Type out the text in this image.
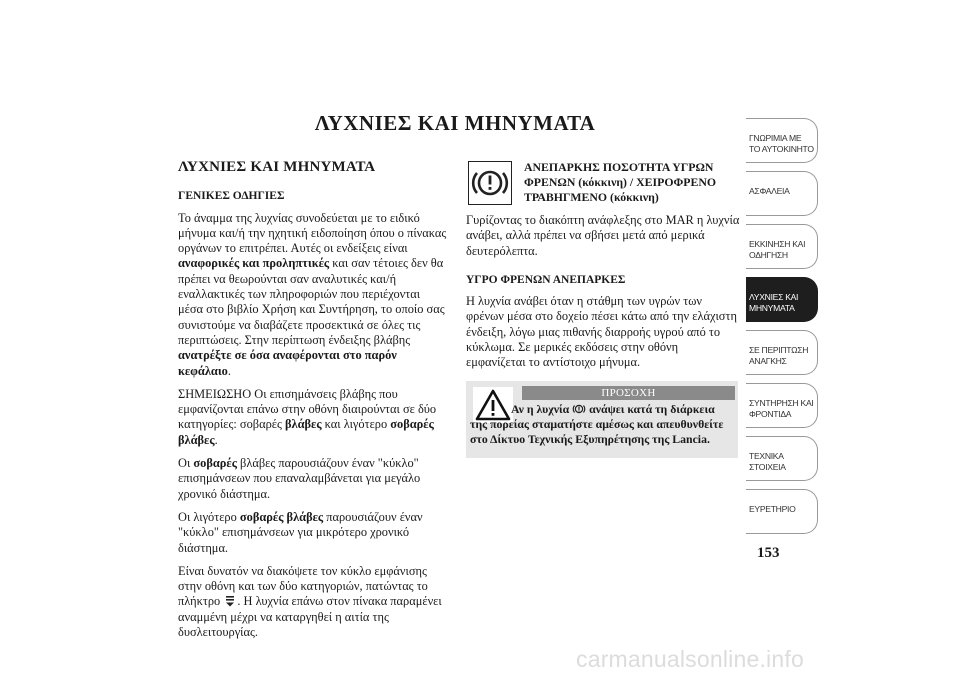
ΛΥΧΝΙΕΣ ΚΑΙ ΜΗΝΥΜΑΤΑ
ΛΥΧΝΙΕΣ ΚΑΙ ΜΗΝΥΜΑΤΑ
ΓΕΝΙΚΕΣ ΟΔΗΓΙΕΣ

Το άναμμα της λυχνίας συνοδεύεται με το ειδικό μήνυμα και/ή την ηχητική ειδοποίηση όπου ο πίνακας οργάνων το επιτρέπει. Αυτές οι ενδείξεις είναι αναφορικές και προληπτικές και σαν τέτοιες δεν θα πρέπει να θεωρούνται σαν αναλυτικές και/ή εναλλακτικές των πληροφοριών που περιέχονται μέσα στο βιβλίο Χρήση και Συντήρηση, το οποίο σας συνιστούμε να διαβάζετε προσεκτικά σε όλες τις περιπτώσεις. Στην περίπτωση ένδειξης βλάβης ανατρέξτε σε όσα αναφέρονται στο παρόν κεφάλαιο.

ΣΗΜΕΙΩΣΗΟ Οι επισημάνσεις βλάβης που εμφανίζονται επάνω στην οθόνη διαιρούνται σε δύο κατηγορίες: σοβαρές βλάβες και λιγότερο σοβαρές βλάβες.

Οι σοβαρές βλάβες παρουσιάζουν έναν "κύκλο" επισημάνσεων που επαναλαμβάνεται για μεγάλο χρονικό διάστημα.

Οι λιγότερο σοβαρές βλάβες παρουσιάζουν έναν "κύκλο" επισημάνσεων για μικρότερο χρονικό διάστημα.

Είναι δυνατόν να διακόψετε τον κύκλο εμφάνισης στην οθόνη και των δύο κατηγοριών, πατώντας το πλήκτρο . Η λυχνία επάνω στον πίνακα παραμένει αναμμένη μέχρι να καταργηθεί η αιτία της δυσλειτουργίας.

ΑΝΕΠΑΡΚΗΣ ΠΟΣΟΤΗΤΑ ΥΓΡΩΝ ΦΡΕΝΩΝ (κόκκινη) / ΧΕΙΡΟΦΡΕΝΟ ΤΡΑΒΗΓΜΕΝΟ (κόκκινη)

Γυρίζοντας το διακόπτη ανάφλεξης στο MAR η λυχνία ανάβει, αλλά πρέπει να σβήσει μετά από μερικά δευτερόλεπτα.

ΥΓΡΟ ΦΡΕΝΩΝ ΑΝΕΠΑΡΚΕΣ

Η λυχνία ανάβει όταν η στάθμη των υγρών των φρένων μέσα στο δοχείο πέσει κάτω από την ελάχιστη ένδειξη, λόγω μιας πιθανής διαρροής υγρού από το κύκλωμα. Σε μερικές εκδόσεις στην οθόνη εμφανίζεται το αντίστοιχο μήνυμα.

ΠΡΟΣΟΧΗ
Αν η λυχνία  ανάψει κατά τη διάρκεια της πορείας σταματήστε αμέσως και απευθυνθείτε στο Δίκτυο Τεχνικής Εξυπηρέτησης της Lancia.
ΓΝΩΡΙΜΙΑ ΜΕ ΤΟ ΑΥΤΟΚΙΝΗΤΟ
ΑΣΦΑΛΕΙΑ
ΕΚΚΙΝΗΣΗ ΚΑΙ ΟΔΗΓΗΣΗ
ΛΥΧΝΙΕΣ ΚΑΙ ΜΗΝΥΜΑΤΑ
ΣΕ ΠΕΡΙΠΤΩΣΗ ΑΝΑΓΚΗΣ
ΣΥΝΤΗΡΗΣΗ ΚΑΙ ΦΡΟΝΤΙΔΑ
ΤΕΧΝΙΚΑ ΣΤΟΙΧΕΙΑ
ΕΥΡΕΤΗΡΙΟ
153
carmanualsonline.info
